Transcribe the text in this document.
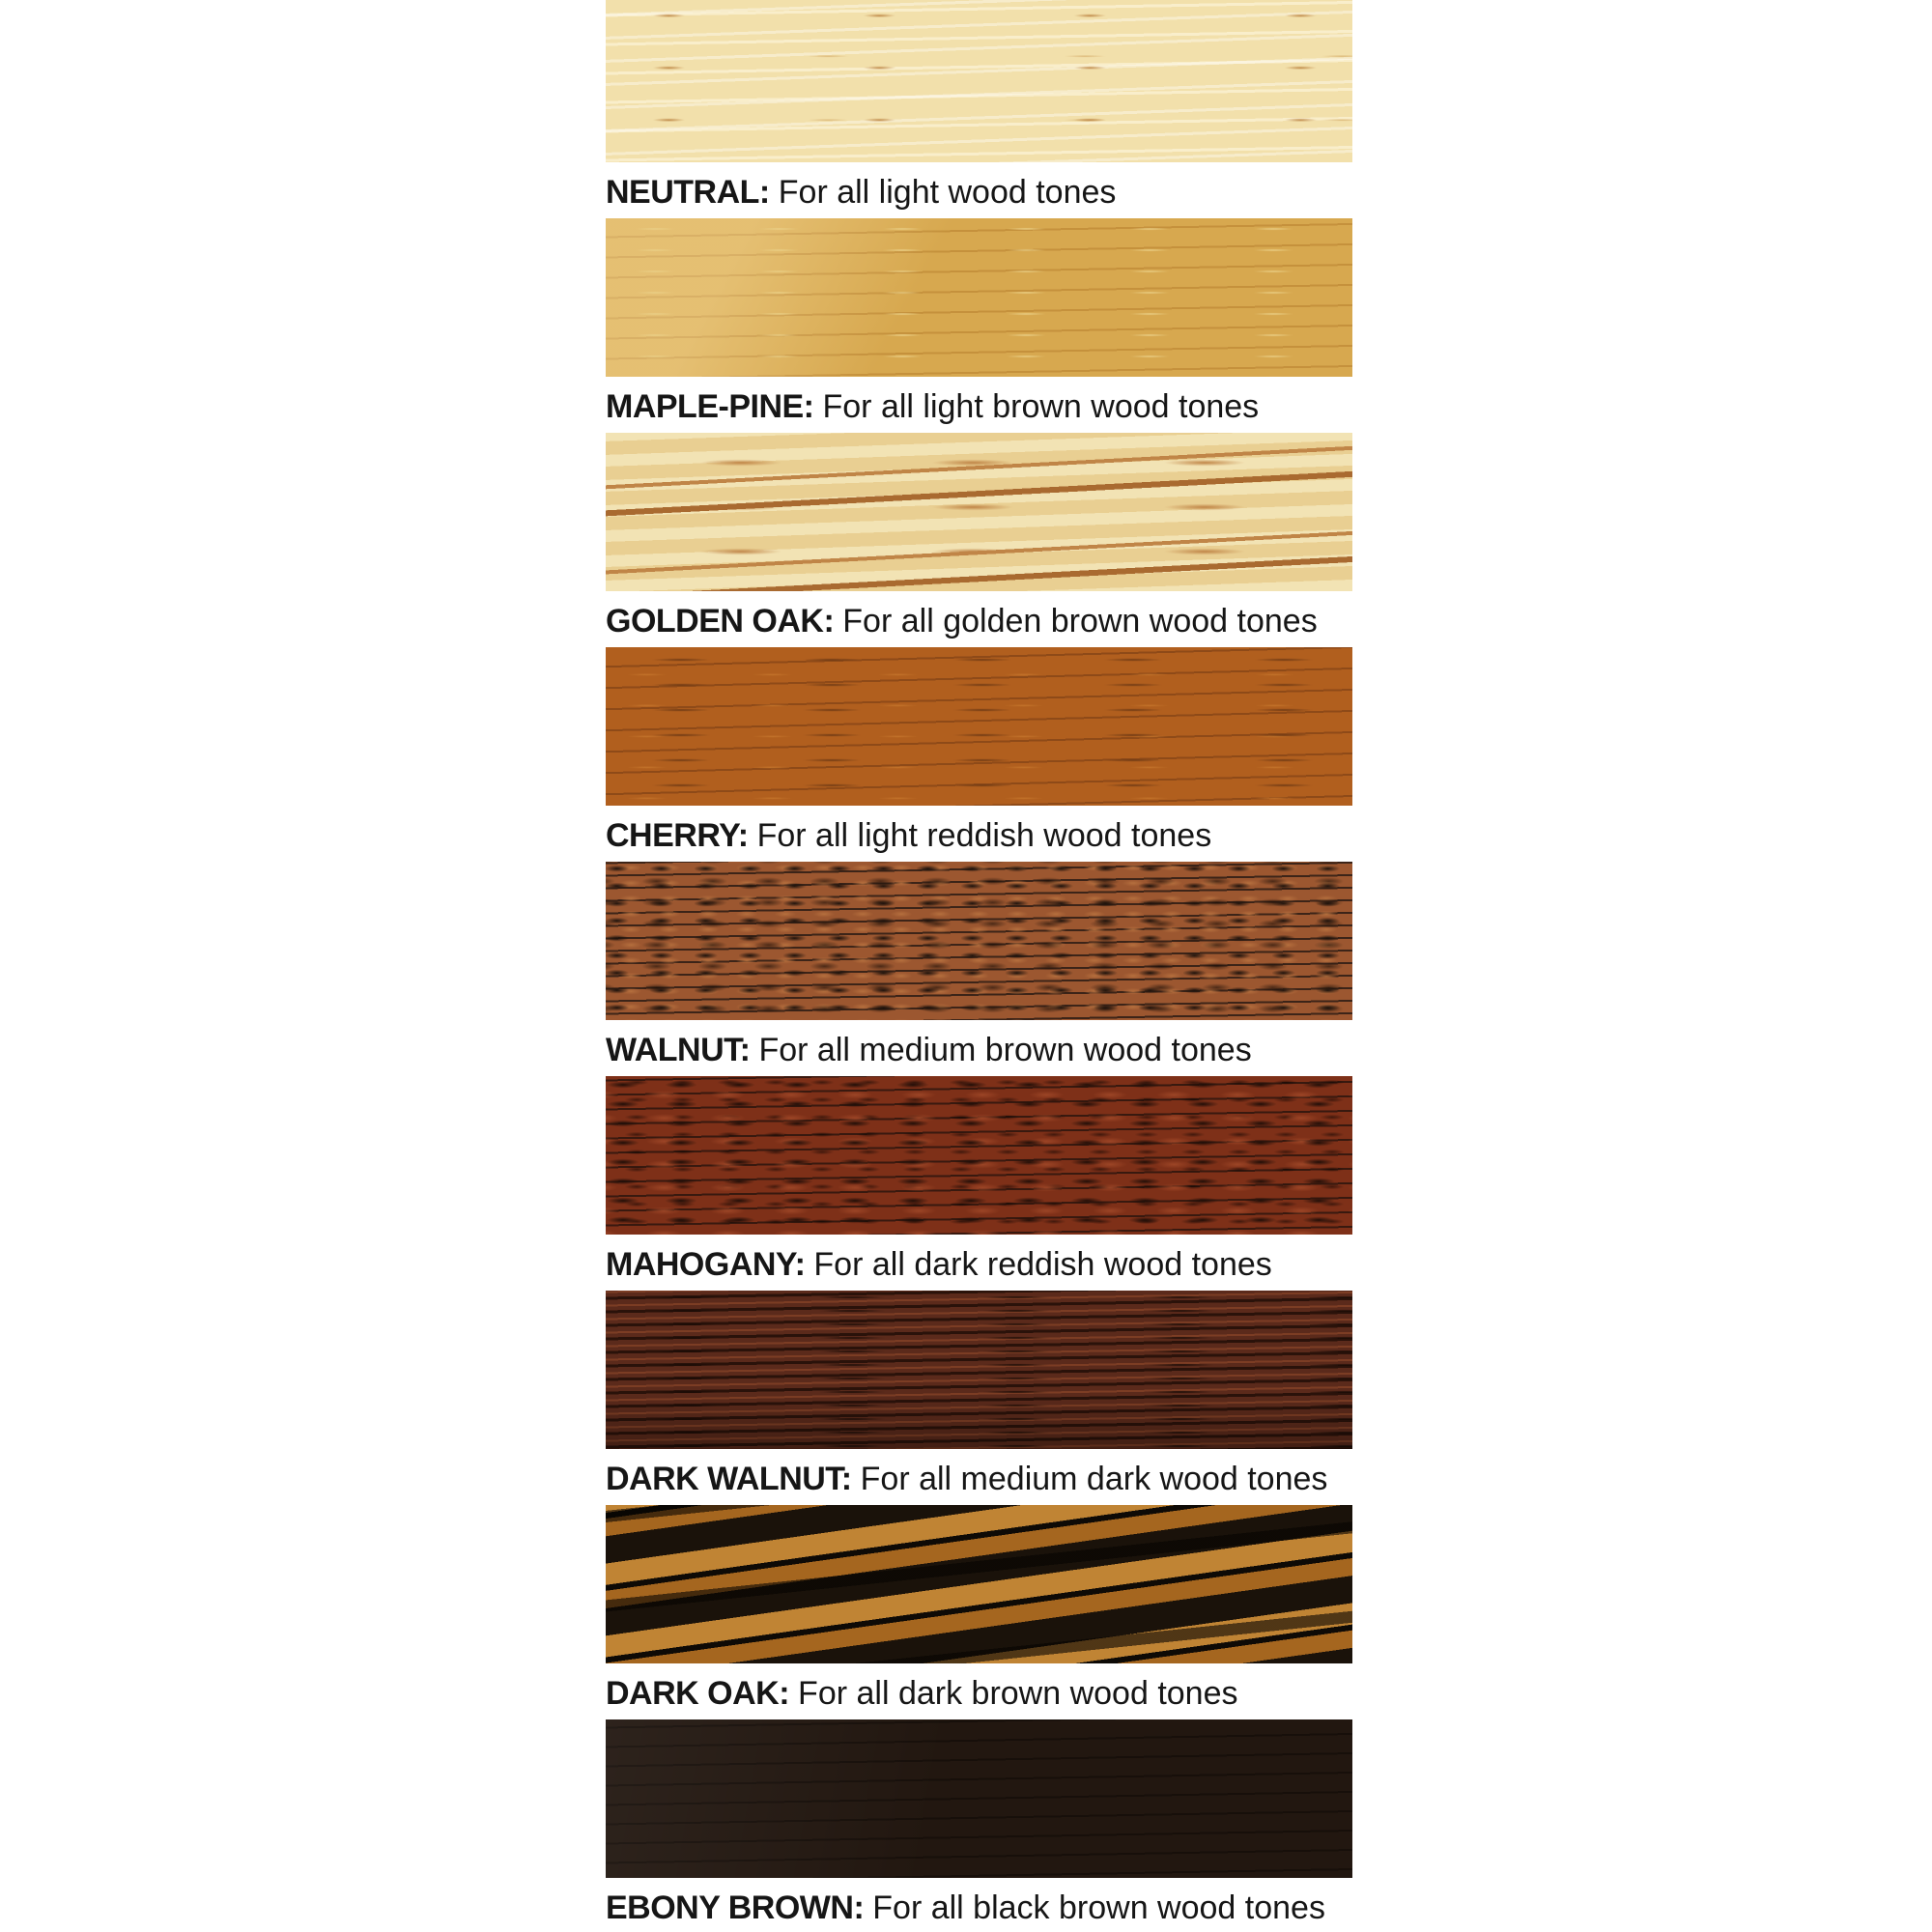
NEUTRAL: For all light wood tones

MAPLE-PINE: For all light brown wood tones

GOLDEN OAK: For all golden brown wood tones

CHERRY: For all light reddish wood tones

WALNUT: For all medium brown wood tones

MAHOGANY: For all dark reddish wood tones

DARK WALNUT: For all medium dark wood tones

DARK OAK: For all dark brown wood tones

EBONY BROWN: For all black brown wood tones
